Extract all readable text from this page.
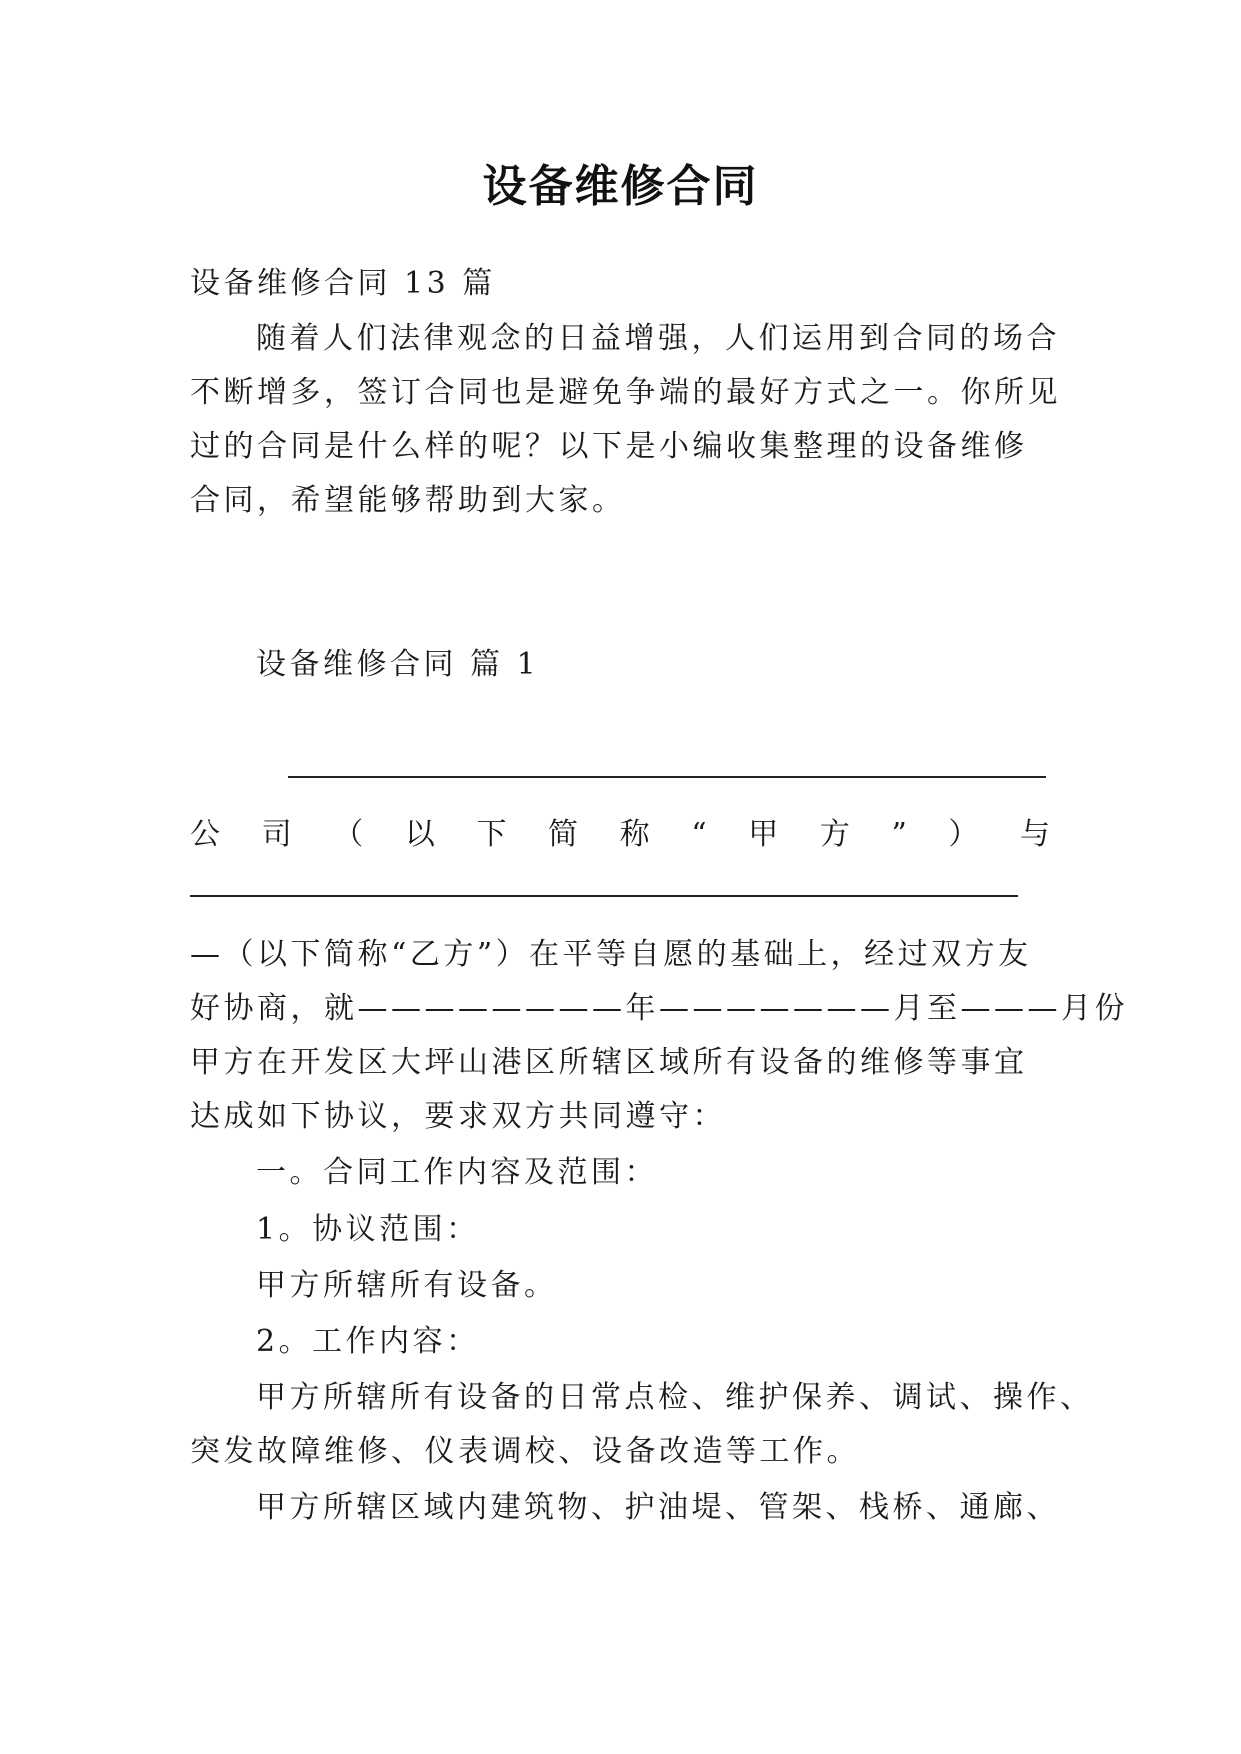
设备维修合同
设备维修合同 13 篇
随着人们法律观念的日益增强，人们运用到合同的场合
不断增多，签订合同也是避免争端的最好方式之一。你所见
过的合同是什么样的呢？以下是小编收集整理的设备维修
合同，希望能够帮助到大家。
设备维修合同 篇 1
公 司 （ 以 下 简 称 “ 甲 方 ” ） 与
—（以下简称“乙方”）在平等自愿的基础上，经过双方友
好协商，就————————年———————月至———月份
甲方在开发区大坪山港区所辖区域所有设备的维修等事宜
达成如下协议，要求双方共同遵守：
一。合同工作内容及范围：
1。协议范围：
甲方所辖所有设备。
2。工作内容：
甲方所辖所有设备的日常点检、维护保养、调试、操作、
突发故障维修、仪表调校、设备改造等工作。
甲方所辖区域内建筑物、护油堤、管架、栈桥、通廊、
